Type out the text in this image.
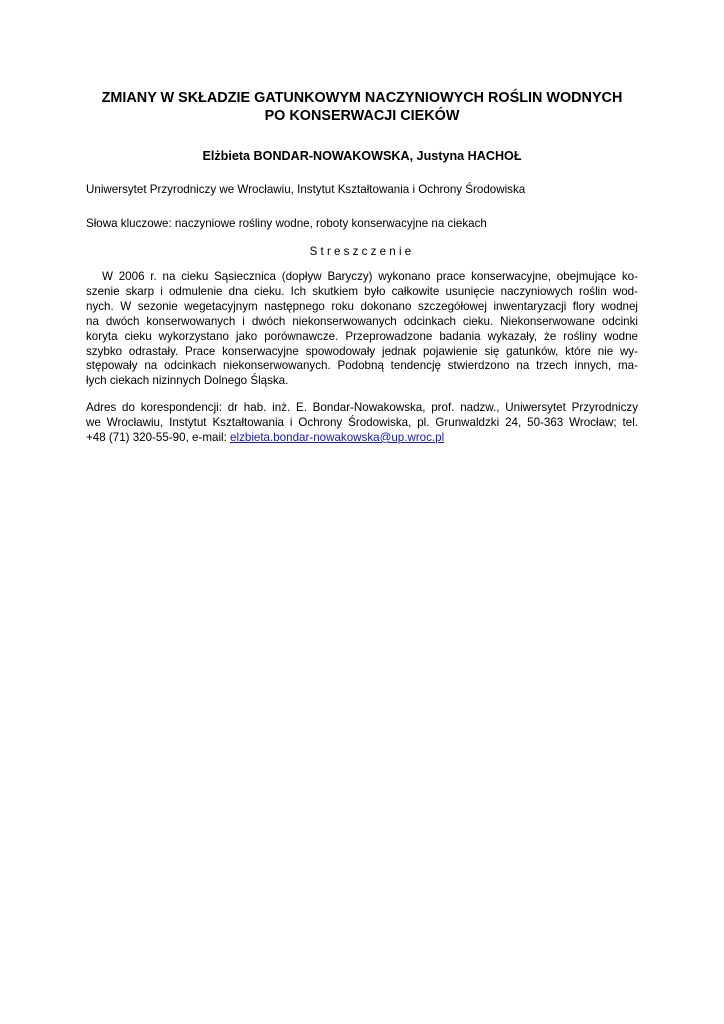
ZMIANY W SKŁADZIE GATUNKOWYM NACZYNIOWYCH ROŚLIN WODNYCH
PO KONSERWACJI CIEKÓW
Elżbieta BONDAR-NOWAKOWSKA, Justyna HACHOŁ
Uniwersytet Przyrodniczy we Wrocławiu, Instytut Kształtowania i Ochrony Środowiska
Słowa kluczowe: naczyniowe rośliny wodne, roboty konserwacyjne na ciekach
Streszczenie
W 2006 r. na cieku Sąsiecznica (dopływ Baryczy) wykonano prace konserwacyjne, obejmujące ko-
szenie skarp i odmulenie dna cieku. Ich skutkiem było całkowite usunięcie naczyniowych roślin wod-
nych. W sezonie wegetacyjnym następnego roku dokonano szczegółowej inwentaryzacji flory wodnej
na dwóch konserwowanych i dwóch niekonserwowanych odcinkach cieku. Niekonserwowane odcinki
koryta cieku wykorzystano jako porównawcze. Przeprowadzone badania wykazały, że rośliny wodne
szybko odrastały. Prace konserwacyjne spowodowały jednak pojawienie się gatunków, które nie wy-
stępowały na odcinkach niekonserwowanych. Podobną tendencję stwierdzono na trzech innych, ma-
łych ciekach nizinnych Dolnego Śląska.
Adres do korespondencji: dr hab. inż. E. Bondar-Nowakowska, prof. nadzw., Uniwersytet Przyrodniczy
we Wrocławiu, Instytut Kształtowania i Ochrony Środowiska, pl. Grunwaldzki 24, 50-363 Wrocław; tel.
+48 (71) 320-55-90, e-mail: elzbieta.bondar-nowakowska@up.wroc.pl
